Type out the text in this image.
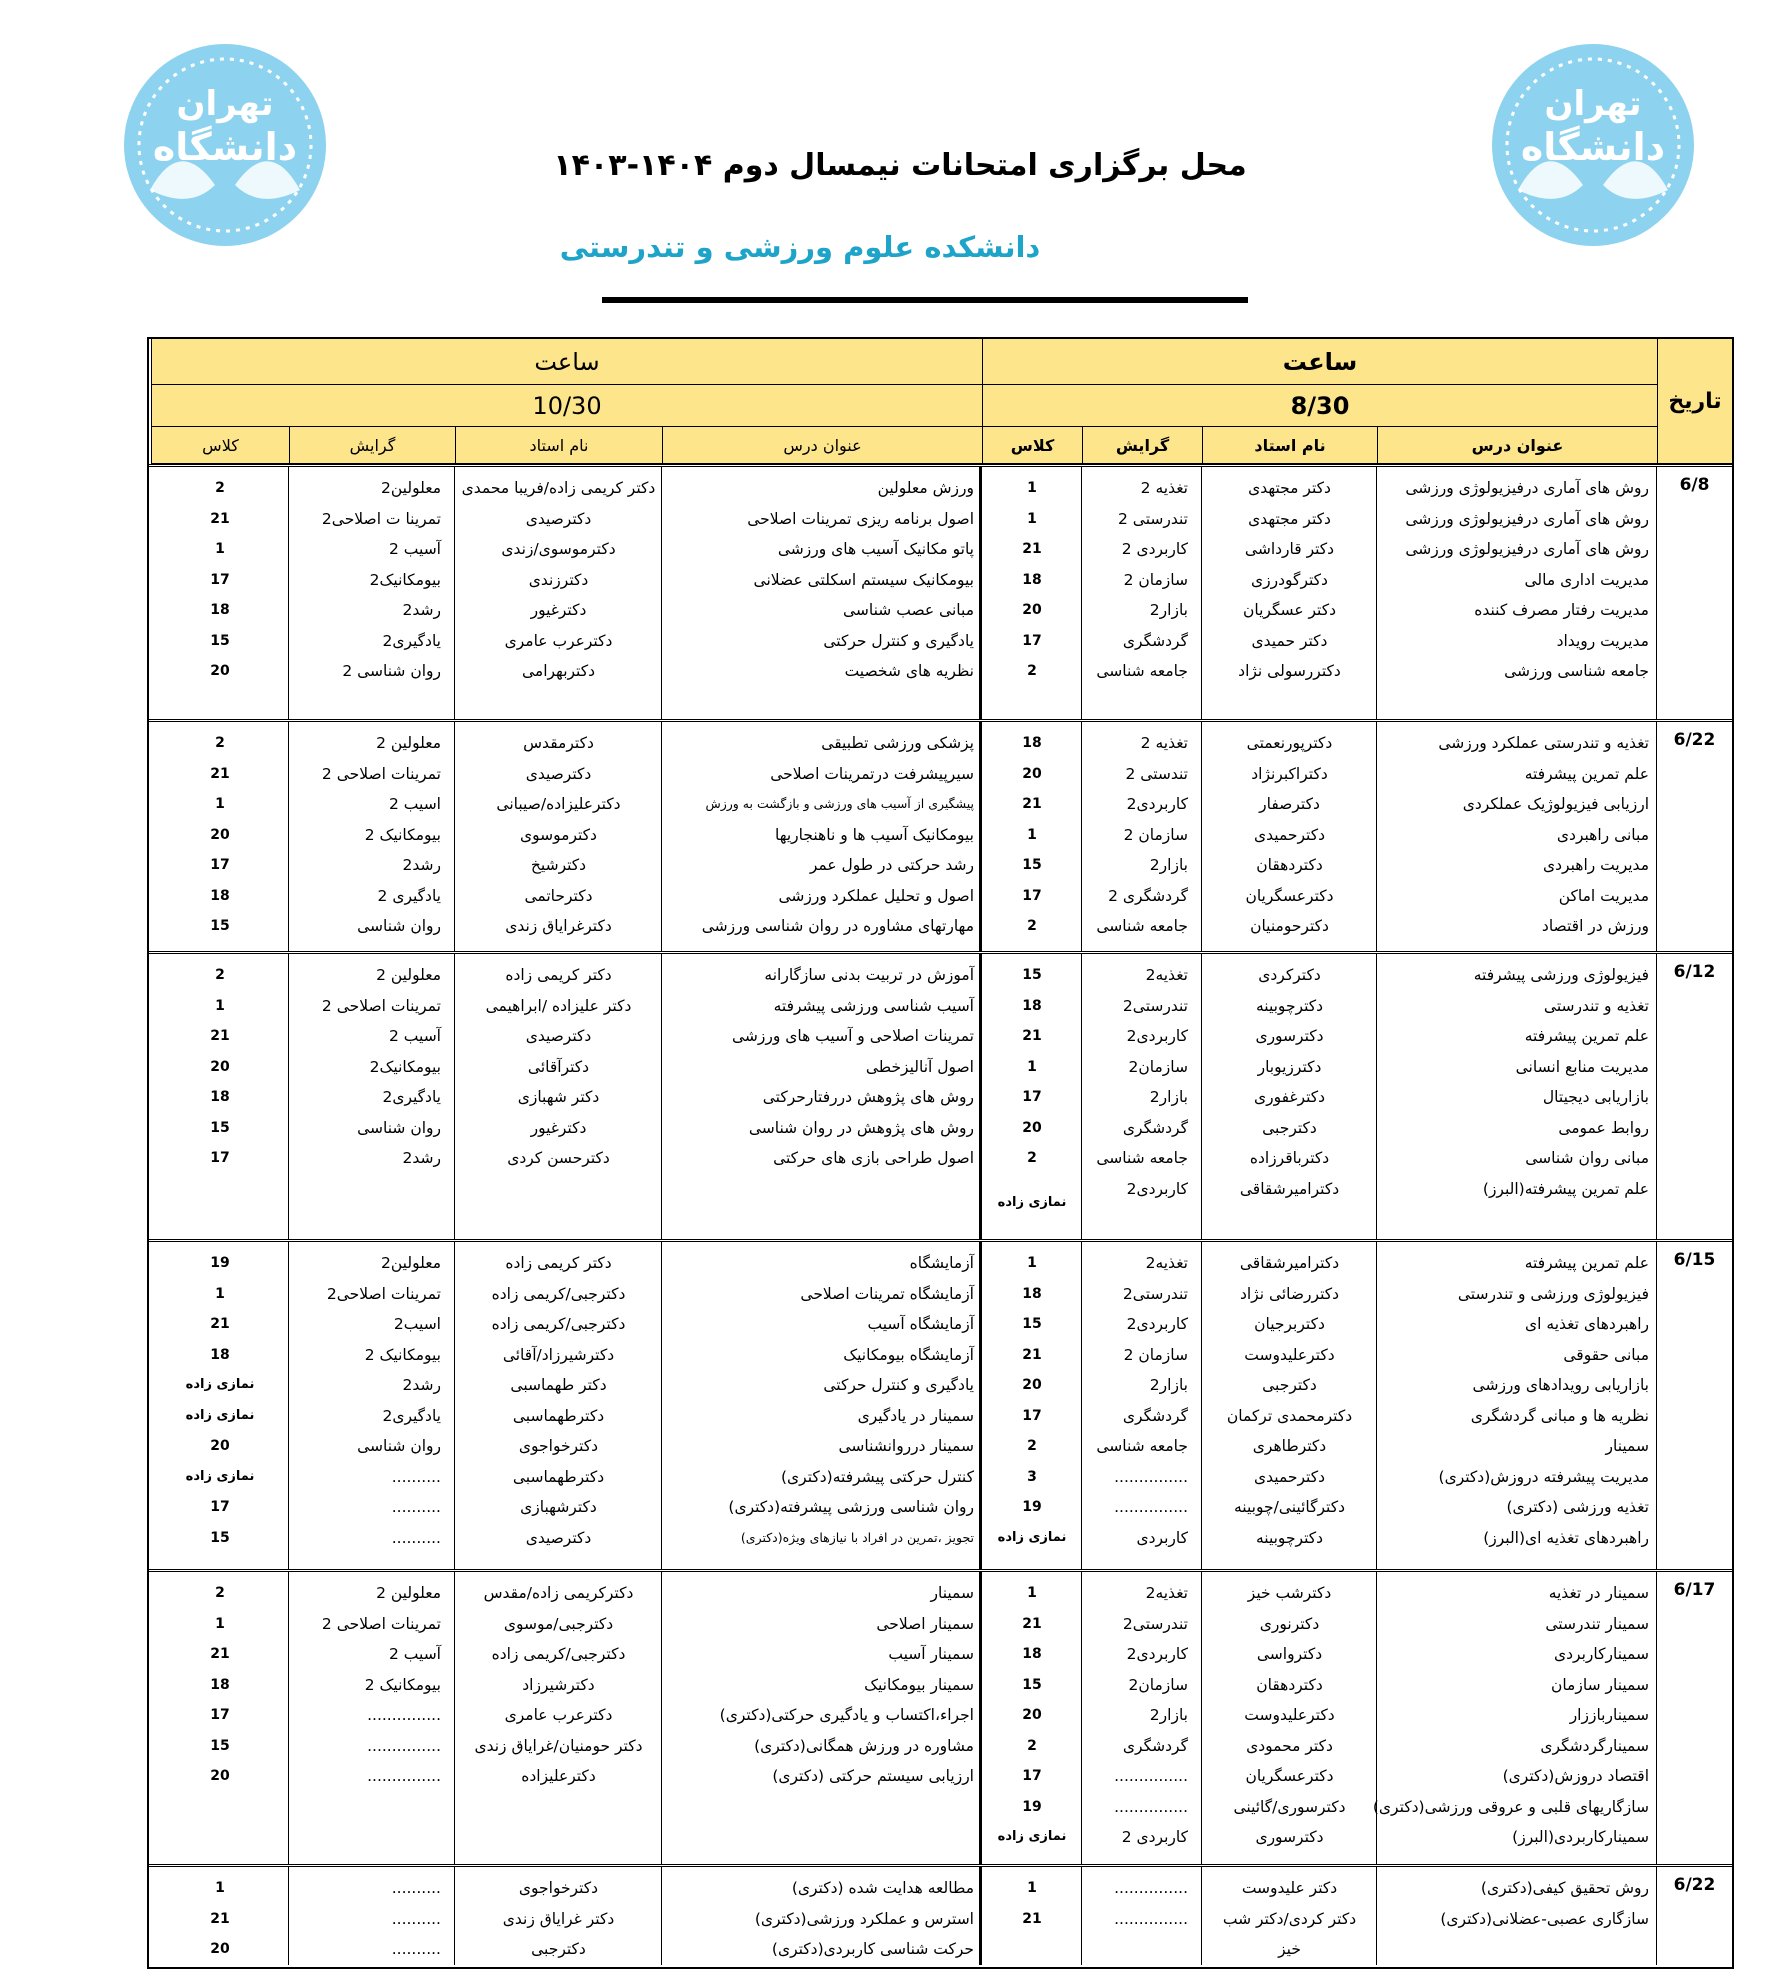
تهران
دانشگاه
تهران
دانشگاه
محل برگزاری امتحانات نیمسال دوم ۱۴۰۴-۱۴۰۳
دانشکده علوم ورزشی و تندرستی
تاریخ
ساعت
8/30
عنوان درس
نام استاد
گرایش
کلاس
ساعت
10/30
عنوان درس
نام استاد
گرایش
کلاس
6/8
روش های آماری درفیزیولوژی ورزشی
روش های آماری درفیزیولوژی ورزشی
روش های آماری درفیزیولوژی ورزشی
مدیریت اداری مالی
مدیریت رفتار مصرف کننده
مدیریت رویداد
جامعه شناسی ورزشی
دکتر مجتهدی
دکتر مجتهدی
دکتر قارداشی
دکترگودرزی
دکتر عسگریان
دکتر حمیدی
دکتررسولی نژاد
تغذیه 2
تندرستی 2
کاربردی 2
سازمان 2
بازار2
گردشگری
جامعه شناسی
1
1
21
18
20
17
2
ورزش معلولین
اصول برنامه ریزی تمرینات اصلاحی
پاتو مکانیک آسیب های ورزشی
بیومکانیک سیستم اسکلتی عضلانی
مبانی عصب شناسی
یادگیری و کنترل حرکتی
نظریه های شخصیت
دکتر کریمی زاده/فریبا محمدی
دکترصیدی
دکترموسوی/زندی
دکترزندی
دکترغیور
دکترعرب عامری
دکتربهرامی
معلولین2
تمرینا ت اصلاحی2
آسیب 2
بیومکانیک2
رشد2
یادگیری2
روان شناسی 2
2
21
1
17
18
15
20
6/22
تغذیه و تندرستی عملکرد ورزشی
علم تمرین پیشرفته
ارزیابی فیزیولوژیک عملکردی
مبانی راهبردی
مدیریت راهبردی
مدیریت اماکن
ورزش در اقتصاد
دکترپورنعمتی
دکتراکبرنژاد
دکترصفار
دکترحمیدی
دکتردهقان
دکترعسگریان
دکترحومنیان
تغذیه 2
تندستی 2
کاربردی2
سازمان 2
بازار2
گردشگری 2
جامعه شناسی
18
20
21
1
15
17
2
پزشکی ورزشی تطبیقی
سیرپیشرفت درتمرینات اصلاحی
پیشگیری از آسیب های ورزشی و بازگشت به ورزش
بیومکانیک آسیب ها و ناهنجاریها
رشد حرکتی در طول عمر
اصول و تحلیل عملکرد ورزشی
مهارتهای مشاوره در روان شناسی ورزشی
دکترمقدس
دکترصیدی
دکترعلیزاده/صیبانی
دکترموسوی
دکترشیخ
دکترحاتمی
دکترغرایاق زندی
معلولین 2
تمرینات اصلاحی 2
اسیب 2
بیومکانیک 2
رشد2
یادگیری 2
روان شناسی
2
21
1
20
17
18
15
6/12
فیزیولوژی ورزشی پیشرفته
تغذیه و تندرستی
علم تمرین پیشرفته
مدیریت منابع انسانی
بازاریابی دیجیتال
روابط عمومی
مبانی روان شناسی
علم تمرین پیشرفته(البرز)
دکترکردی
دکترچوبینه
دکترسوری
دکترزیوبار
دکترغفوری
دکترجبی
دکترباقرزاده
دکترامیرشقاقی
تغذیه2
تندرستی2
کاربردی2
سازمان2
بازار2
گردشگری
جامعه شناسی
کاربردی2
15
18
21
1
17
20
2
نمازی زاده
آموزش در تربیت بدنی سازگارانه
آسیب شناسی ورزشی پیشرفته
تمرینات اصلاحی و آسیب های ورزشی
اصول آنالیزخطی
روش های پژوهش دررفتارحرکتی
روش های پژوهش در روان شناسی
اصول طراحی بازی های حرکتی
دکتر کریمی زاده
دکتر علیزاده /ابراهیمی
دکترصیدی
دکترآقائی
دکتر شهبازی
دکترغیور
دکترحسن کردی
معلولین 2
تمرینات اصلاحی 2
آسیب 2
بیومکانیک2
یادگیری2
روان شناسی
رشد2
2
1
21
20
18
15
17
6/15
علم تمرین پیشرفته
فیزیولوژی ورزشی و تندرستی
راهبردهای تغذیه ای
مبانی حقوقی
بازاریابی رویدادهای ورزشی
نظریه ها و مبانی گردشگری
سمینار
مدیریت پیشرفته دروزش(دکتری)
تغذیه ورزشی (دکتری)
راهبردهای تغذیه ای(البرز)
دکترامیرشقاقی
دکتررضائی نژاد
دکتربرجیان
دکترعلیدوست
دکترجبی
دکترمحمدی ترکمان
دکترطاهری
دکترحمیدی
دکترگائینی/چوبینه
دکترچوبینه
تغذیه2
تندرستی2
کاربردی2
سازمان 2
بازار2
گردشگری
جامعه شناسی
...............
...............
کاربردی
1
18
15
21
20
17
2
3
19
نمازی زاده
آزمایشگاه
آزمایشگاه تمرینات اصلاحی
آزمایشگاه آسیب
آزمایشگاه بیومکانیک
یادگیری و کنترل حرکتی
سمینار در یادگیری
سمینار درروانشناسی
کنترل حرکتی پیشرفته(دکتری)
روان شناسی ورزشی پیشرفته(دکتری)
تجویز ،تمرین در افراد با نیازهای ویژه(دکتری)
دکتر کریمی زاده
دکترجبی/کریمی زاده
دکترجبی/کریمی زاده
دکترشیرزاد/آقائی
دکتر طهماسبی
دکترطهماسبی
دکترخواجوی
دکترطهماسبی
دکترشهبازی
دکترصیدی
معلولین2
تمرینات اصلاحی2
اسیب2
بیومکانیک 2
رشد2
یادگیری2
روان شناسی
..........
..........
..........
19
1
21
18
نمازی زاده
نمازی زاده
20
نمازی زاده
17
15
6/17
سمینار در تغذیه
سمینار تندرستی
سمینارکاربردی
سمینار سازمان
سمینارباززار
سمینارگردشگری
اقتصاد دروزش(دکتری)
سازگاریهای قلبی و عروقی ورزشی(دکتری)
سمینارکاربردی(البرز)
دکترشب خیز
دکترنوری
دکترواسی
دکتردهقان
دکترعلیدوست
دکتر محمودی
دکترعسگریان
دکترسوری/گائینی
دکترسوری
تغذیه2
تندرستی2
کاربردی2
سازمان2
بازار2
گردشگری
...............
...............
کاربردی 2
1
21
18
15
20
2
17
19
نمازی زاده
سمینار
سمینار اصلاحی
سمینار آسیب
سمینار بیومکانیک
اجراء،اکتساب و یادگیری حرکتی(دکتری)
مشاوره در ورزش همگانی(دکتری)
ارزیابی سیستم حرکتی (دکتری)
دکترکریمی زاده/مقدس
دکترجبی/موسوی
دکترجبی/کریمی زاده
دکترشیرزاد
دکترعرب عامری
دکتر حومنیان/غرایاق زندی
دکترعلیزاده
معلولین 2
تمرینات اصلاحی 2
آسیب 2
بیومکانیک 2
...............
...............
...............
2
1
21
18
17
15
20
6/22
روش تحقیق کیفی(دکتری)
سازگاری عصبی-عضلانی(دکتری)
دکتر علیدوست
دکتر کردی/دکتر شب
خیز
...............
...............
1
21
مطالعه هدایت شده (دکتری)
استرس و عملکرد ورزشی(دکتری)
حرکت شناسی کاربردی(دکتری)
دکترخواجوی
دکتر غرایاق زندی
دکترجبی
..........
..........
..........
1
21
20
